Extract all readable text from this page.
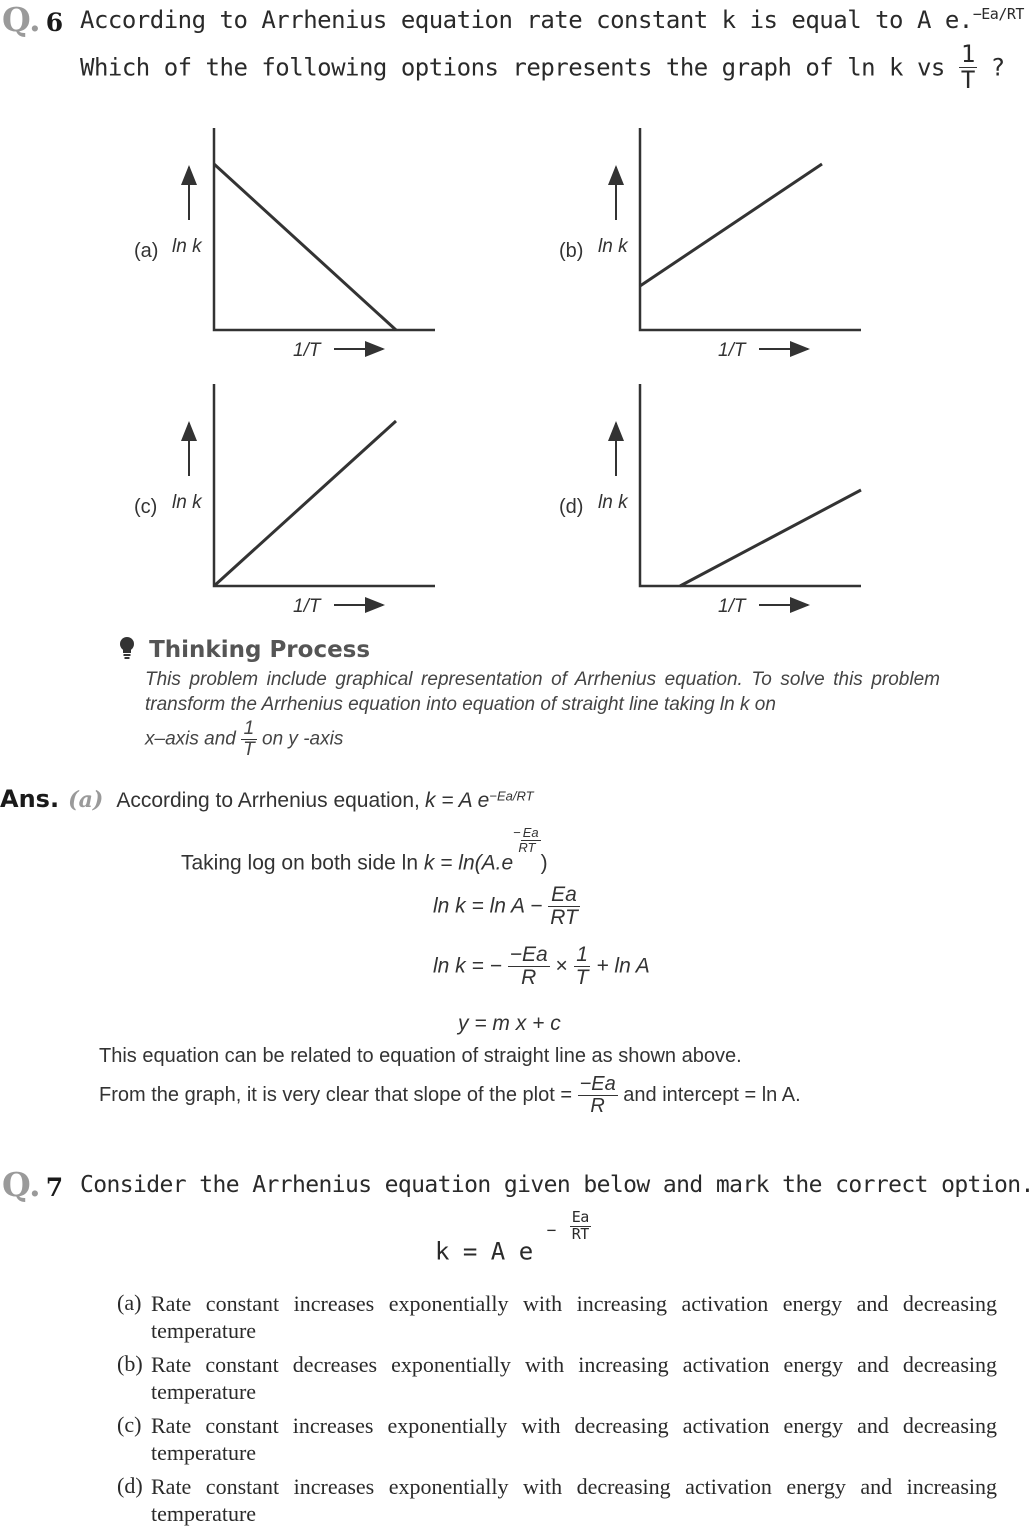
Q. 6 According to Arrhenius equation rate constant k is equal to A e.$^{-Ea/RT}$
Which of the following options represents the graph of ln k vs $\frac{1}{T}$ ?
(a) ln k
1/T
(b) ln k
1/T
(c) ln k
1/T
(d) ln k
1/T
Thinking Process
This problem include graphical representation of Arrhenius equation. To solve this problem transform the Arrhenius equation into equation of straight line taking ln k on
x–axis and $\frac{1}{T}$ on y -axis
Ans. (a) According to Arrhenius equation, k = A $e^{-Ea/RT}$
Taking log on both side ln k = ln(A.e− Ea
RT
)
$\ln k = \ln A - \frac{Ea}{RT}$
ln k = − $\frac{-Ea}{R} \times \frac{1}{T} + \ln A$
y = m x + c
This equation can be related to equation of straight line as shown above.
From the graph, it is very clear that slope of the plot = $\frac{-Ea}{R}$ and intercept = ln A.
Q. 7 Consider the Arrhenius equation given below and mark the correct option.
k = A $e - \frac{Ea}{RT}$
(a) Rate constant increases exponentially with increasing activation energy and decreasing temperature
(b) Rate constant decreases exponentially with increasing activation energy and decreasing temperature
(c) Rate constant increases exponentially with decreasing activation energy and decreasing temperature
(d) Rate constant increases exponentially with decreasing activation energy and increasing temperature
